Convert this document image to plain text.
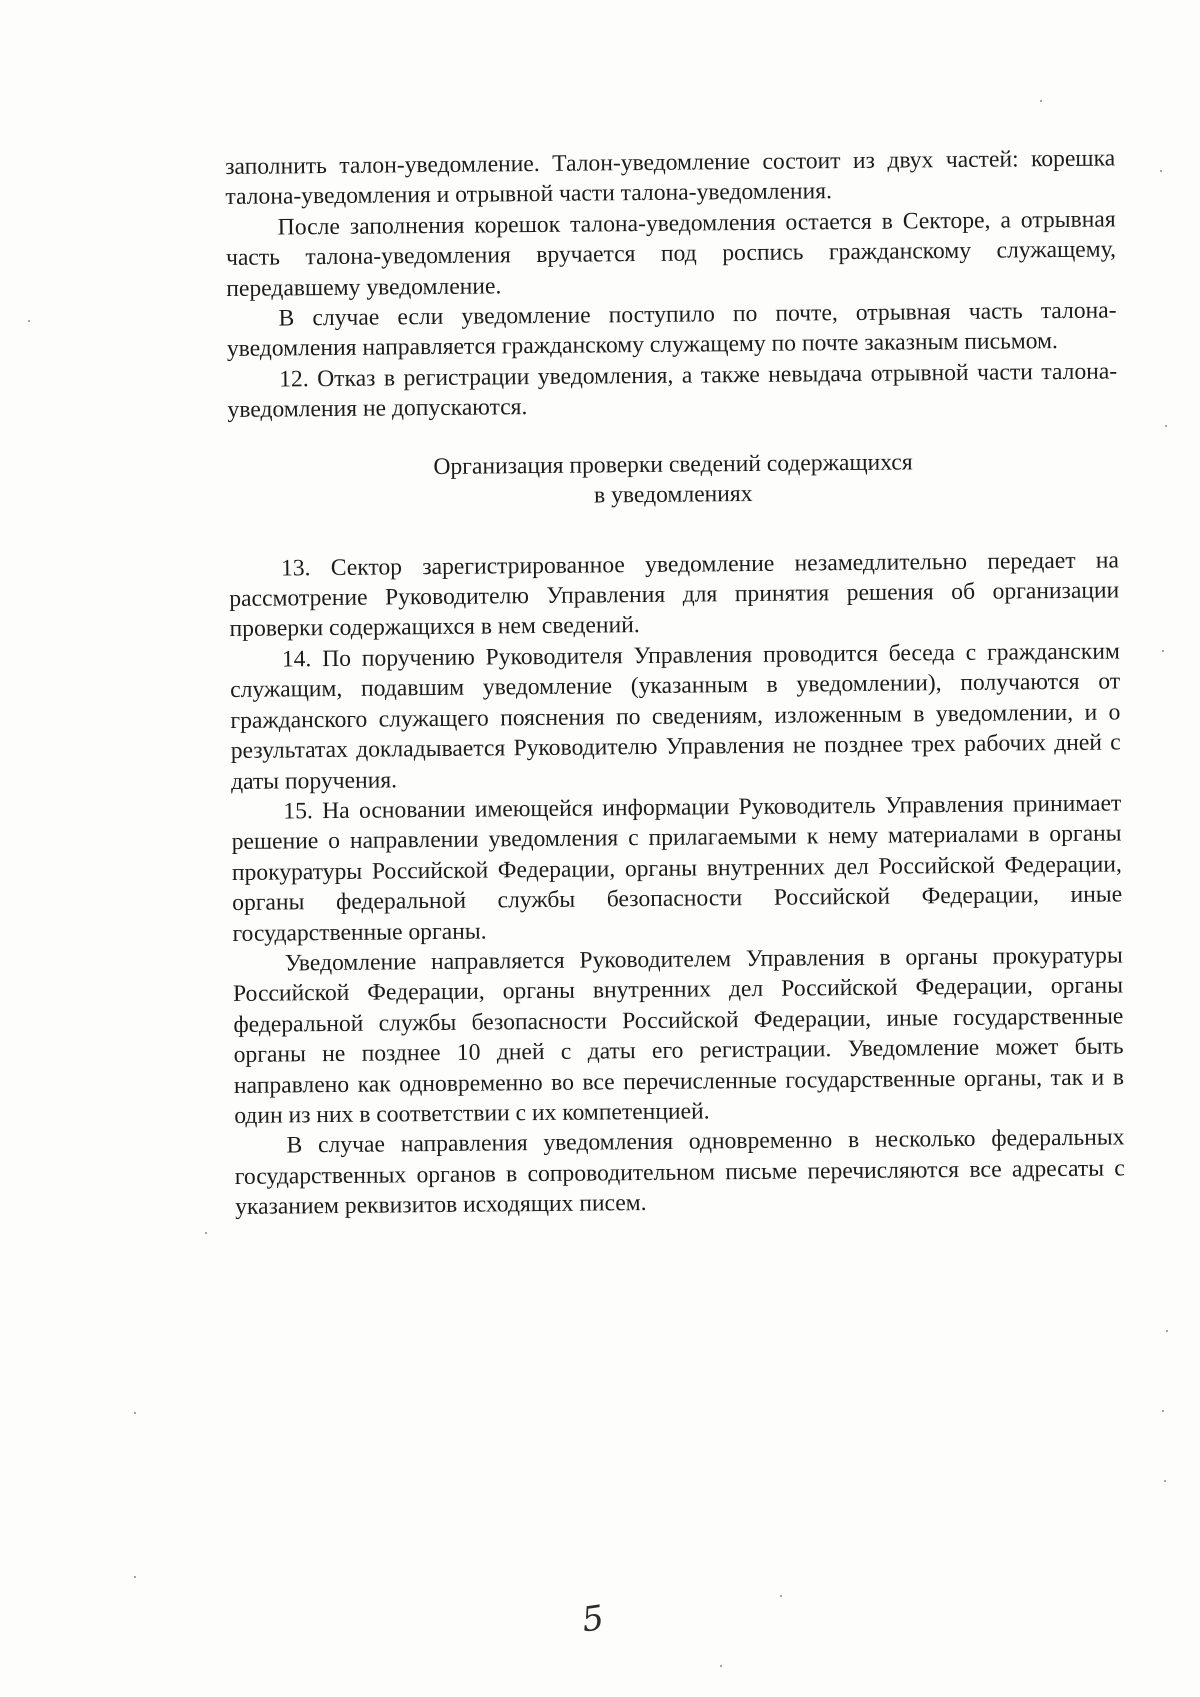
заполнить талон-уведомление. Талон-уведомление состоит из двух частей: корешка талона-уведомления и отрывной части талона-уведомления.

После заполнения корешок талона-уведомления остается в Секторе, а отрывная часть талона-уведомления вручается под роспись гражданскому служащему, передавшему уведомление.

В случае если уведомление поступило по почте, отрывная часть талона-уведомления направляется гражданскому служащему по почте заказным письмом.

12. Отказ в регистрации уведомления, а также невыдача отрывной части талона-уведомления не допускаются.

Организация проверки сведений содержащихся
в уведомлениях

13. Сектор зарегистрированное уведомление незамедлительно передает на рассмотрение Руководителю Управления для принятия решения об организации проверки содержащихся в нем сведений.

14. По поручению Руководителя Управления проводится беседа с гражданским служащим, подавшим уведомление (указанным в уведомлении), получаются от гражданского служащего пояснения по сведениям, изложенным в уведомлении, и о результатах докладывается Руководителю Управления не позднее трех рабочих дней с даты поручения.

15. На основании имеющейся информации Руководитель Управления принимает решение о направлении уведомления с прилагаемыми к нему материалами в органы прокуратуры Российской Федерации, органы внутренних дел Российской Федерации, органы федеральной службы безопасности Российской Федерации, иные государственные органы.

Уведомление направляется Руководителем Управления в органы прокуратуры Российской Федерации, органы внутренних дел Российской Федерации, органы федеральной службы безопасности Российской Федерации, иные государственные органы не позднее 10 дней с даты его регистрации. Уведомление может быть направлено как одновременно во все перечисленные государственные органы, так и в один из них в соответствии с их компетенцией.

В случае направления уведомления одновременно в несколько федеральных государственных органов в сопроводительном письме перечисляются все адресаты с указанием реквизитов исходящих писем.

5
